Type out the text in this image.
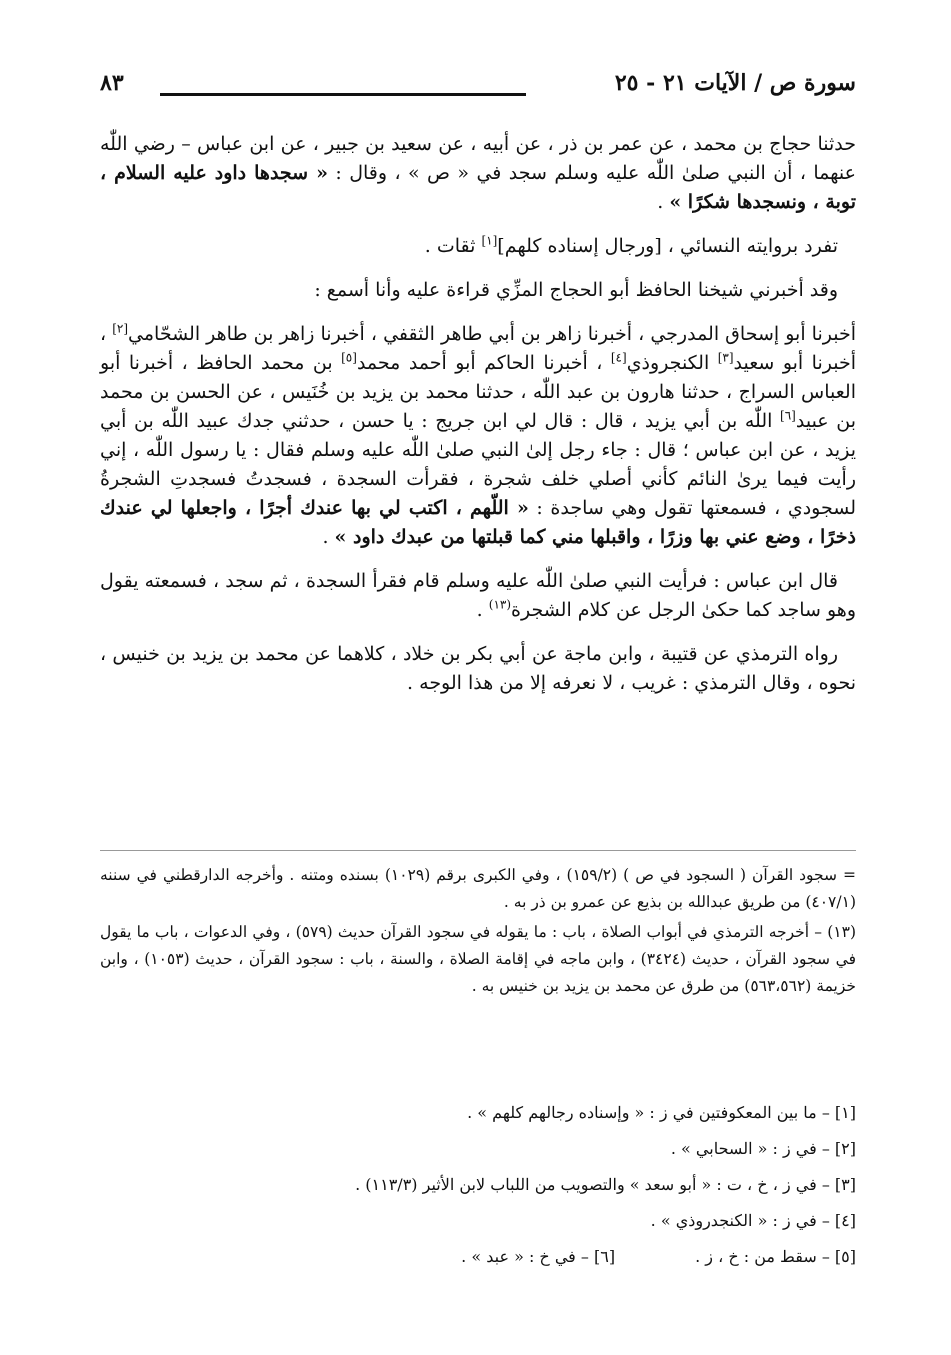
سورة ص / الآيات ٢١ - ٢٥
٨٣

حدثنا حجاج بن محمد ، عن عمر بن ذر ، عن أبيه ، عن سعيد بن جبير ، عن ابن عباس – رضي اللّٰه عنهما ، أن النبي صلىٰ اللّٰه عليه وسلم سجد في « ص » ، وقال : « سجدها داود عليه السلام ، توبة ، ونسجدها شكرًا » .

تفرد بروايته النسائي ، [ورجال إسناده كلهم][١] ثقات .

وقد أخبرني شيخنا الحافظ أبو الحجاج المزِّي قراءة عليه وأنا أسمع :

أخبرنا أبو إسحاق المدرجي ، أخبرنا زاهر بن أبي طاهر الثقفي ، أخبرنا زاهر بن طاهر الشحّامي[٢] ، أخبرنا أبو سعيد[٣] الكنجروذي[٤] ، أخبرنا الحاكم أبو أحمد محمد[٥] بن محمد الحافظ ، أخبرنا أبو العباس السراج ، حدثنا هارون بن عبد اللّٰه ، حدثنا محمد بن يزيد بن خُنَيس ، عن الحسن بن محمد بن عبيد[٦] اللّٰه بن أبي يزيد ، قال : قال لي ابن جريج : يا حسن ، حدثني جدك عبيد اللّٰه بن أبي يزيد ، عن ابن عباس ؛ قال : جاء رجل إلىٰ النبي صلىٰ اللّٰه عليه وسلم فقال : يا رسول اللّٰه ، إني رأيت فيما يرىٰ النائم كأني أصلي خلف شجرة ، فقرأت السجدة ، فسجدتُ فسجدتِ الشجرةُ لسجودي ، فسمعتها تقول وهي ساجدة : « اللّهم ، اكتب لي بها عندك أجرًا ، واجعلها لي عندك ذخرًا ، وضع عني بها وزرًا ، واقبلها مني كما قبلتها من عبدك داود » .

قال ابن عباس : فرأيت النبي صلىٰ اللّٰه عليه وسلم قام فقرأ السجدة ، ثم سجد ، فسمعته يقول وهو ساجد كما حكىٰ الرجل عن كلام الشجرة$^{(١٣)}$ .

رواه الترمذي عن قتيبة ، وابن ماجة عن أبي بكر بن خلاد ، كلاهما عن محمد بن يزيد بن خنيس ، نحوه ، وقال الترمذي : غريب ، لا نعرفه إلا من هذا الوجه .

= سجود القرآن ( السجود في ص ) (١٥٩/٢) ، وفي الكبرى برقم (١٠٢٩) بسنده ومتنه . وأخرجه الدارقطني في سننه (٤٠٧/١) من طريق عبدالله بن بذيع عن عمرو بن ذر به .

(١٣) – أخرجه الترمذي في أبواب الصلاة ، باب : ما يقوله في سجود القرآن حديث (٥٧٩) ، وفي الدعوات ، باب ما يقول في سجود القرآن ، حديث (٣٤٢٤) ، وابن ماجه في إقامة الصلاة ، والسنة ، باب : سجود القرآن ، حديث (١٠٥٣) ، وابن خزيمة (٥٦٣،٥٦٢) من طرق عن محمد بن يزيد بن خنيس به .

[١] – ما بين المعكوفتين في ز : « وإسناده رجالهم كلهم » .
[٢] – في ز : « السحابي » .
[٣] – في ز ، خ ، ت : « أبو سعد » والتصويب من اللباب لابن الأثير (١١٣/٣) .
[٤] – في ز : « الكنجدروذي » .
[٥] – سقط من : خ ، ز .
[٦] – في خ : « عبد » .
